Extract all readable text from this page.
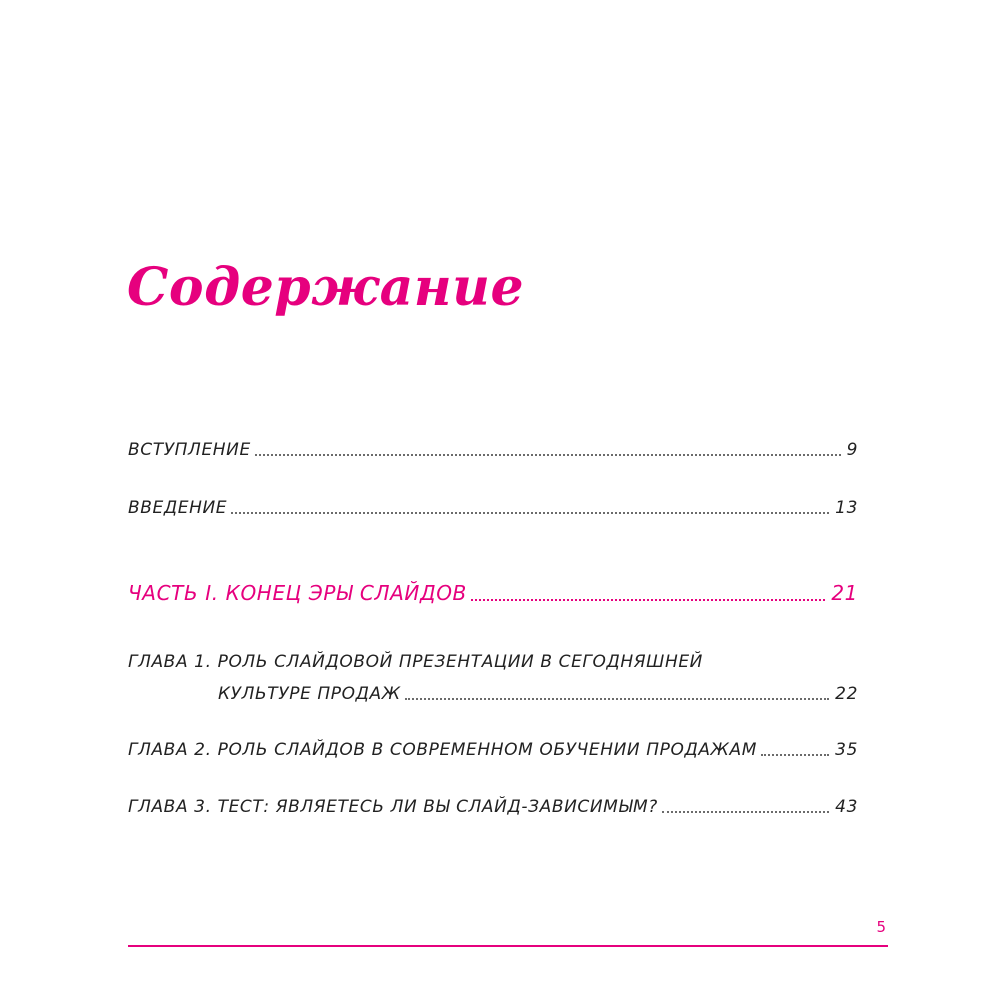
Содержание
ВСТУПЛЕНИЕ	9
ВВЕДЕНИЕ	13
ЧАСТЬ I. КОНЕЦ ЭРЫ СЛАЙДОВ	21
ГЛАВА 1. РОЛЬ СЛАЙДОВОЙ ПРЕЗЕНТАЦИИ В СЕГОДНЯШНЕЙ
КУЛЬТУРЕ ПРОДАЖ	22
ГЛАВА 2. РОЛЬ СЛАЙДОВ В СОВРЕМЕННОМ ОБУЧЕНИИ ПРОДАЖАМ	35
ГЛАВА 3. ТЕСТ: ЯВЛЯЕТЕСЬ ЛИ ВЫ СЛАЙД-ЗАВИСИМЫМ?	43
5
